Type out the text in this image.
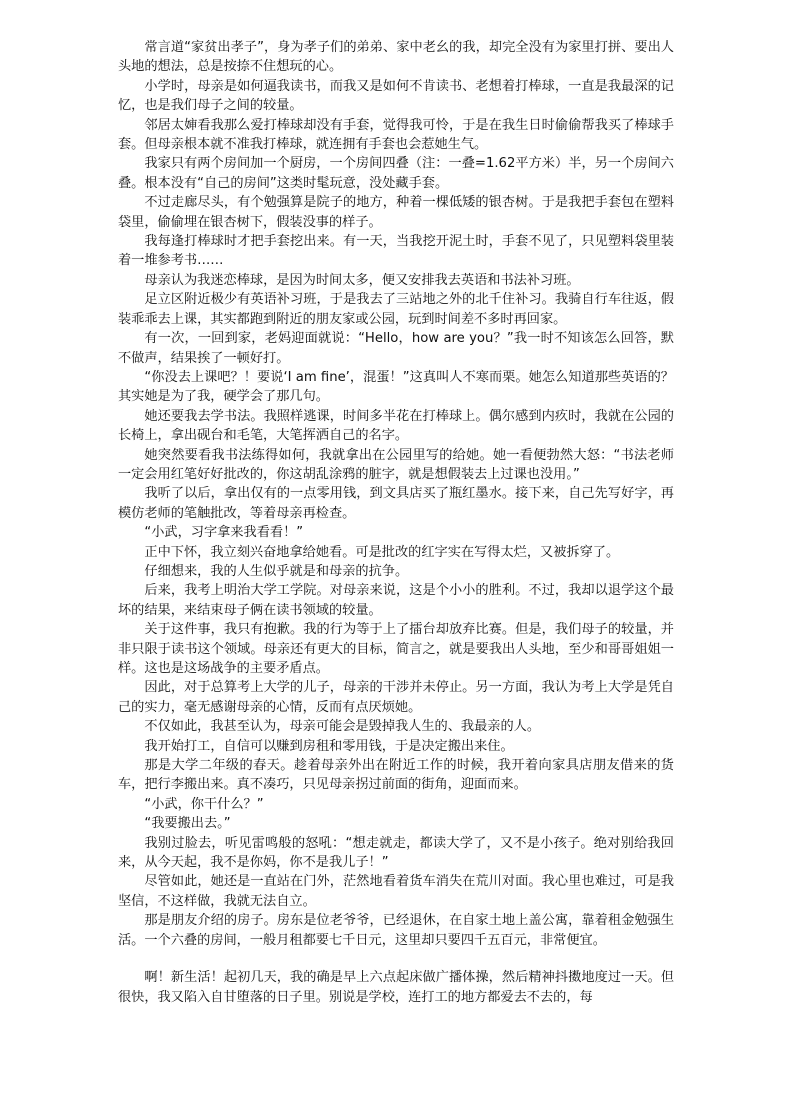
常言道“家贫出孝子”，身为孝子们的弟弟、家中老幺的我，却完全没有为家里打拼、要出人头地的想法，总是按捺不住想玩的心。

小学时，母亲是如何逼我读书，而我又是如何不肯读书、老想着打棒球，一直是我最深的记忆，也是我们母子之间的较量。

邻居太婶看我那么爱打棒球却没有手套，觉得我可怜，于是在我生日时偷偷帮我买了棒球手套。但母亲根本就不准我打棒球，就连拥有手套也会惹她生气。

我家只有两个房间加一个厨房，一个房间四叠（注：一叠=1.62平方米）半，另一个房间六叠。根本没有“自己的房间”这类时髦玩意，没处藏手套。

不过走廊尽头，有个勉强算是院子的地方，种着一棵低矮的银杏树。于是我把手套包在塑料袋里，偷偷埋在银杏树下，假装没事的样子。

我每逢打棒球时才把手套挖出来。有一天，当我挖开泥土时，手套不见了，只见塑料袋里装着一堆参考书……

母亲认为我迷恋棒球，是因为时间太多，便又安排我去英语和书法补习班。

足立区附近极少有英语补习班，于是我去了三站地之外的北千住补习。我骑自行车往返，假装乖乖去上课，其实都跑到附近的朋友家或公园，玩到时间差不多时再回家。

有一次，一回到家，老妈迎面就说：“Hello，how are you？”我一时不知该怎么回答，默不做声，结果挨了一顿好打。

“你没去上课吧？！要说‘I am fine’，混蛋！”这真叫人不寒而栗。她怎么知道那些英语的？其实她是为了我，硬学会了那几句。

她还要我去学书法。我照样逃课，时间多半花在打棒球上。偶尔感到内疚时，我就在公园的长椅上，拿出砚台和毛笔，大笔挥洒自己的名字。

她突然要看我书法练得如何，我就拿出在公园里写的给她。她一看便勃然大怒：“书法老师一定会用红笔好好批改的，你这胡乱涂鸦的脏字，就是想假装去上过课也没用。”

我听了以后，拿出仅有的一点零用钱，到文具店买了瓶红墨水。接下来，自己先写好字，再模仿老师的笔触批改，等着母亲再检查。

“小武，习字拿来我看看！”

正中下怀，我立刻兴奋地拿给她看。可是批改的红字实在写得太烂，又被拆穿了。

仔细想来，我的人生似乎就是和母亲的抗争。

后来，我考上明治大学工学院。对母亲来说，这是个小小的胜利。不过，我却以退学这个最坏的结果，来结束母子俩在读书领域的较量。

关于这件事，我只有抱歉。我的行为等于上了擂台却放弃比赛。但是，我们母子的较量，并非只限于读书这个领域。母亲还有更大的目标，简言之，就是要我出人头地，至少和哥哥姐姐一样。这也是这场战争的主要矛盾点。

因此，对于总算考上大学的儿子，母亲的干涉并未停止。另一方面，我认为考上大学是凭自己的实力，毫无感谢母亲的心情，反而有点厌烦她。

不仅如此，我甚至认为，母亲可能会是毁掉我人生的、我最亲的人。

我开始打工，自信可以赚到房租和零用钱，于是决定搬出来住。

那是大学二年级的春天。趁着母亲外出在附近工作的时候，我开着向家具店朋友借来的货车，把行李搬出来。真不凑巧，只见母亲拐过前面的街角，迎面而来。

“小武，你干什么？”

“我要搬出去。”

我别过脸去，听见雷鸣般的怒吼：“想走就走，都读大学了，又不是小孩子。绝对别给我回来，从今天起，我不是你妈，你不是我儿子！”

尽管如此，她还是一直站在门外，茫然地看着货车消失在荒川对面。我心里也难过，可是我坚信，不这样做，我就无法自立。

那是朋友介绍的房子。房东是位老爷爷，已经退休，在自家土地上盖公寓，靠着租金勉强生活。一个六叠的房间，一般月租都要七千日元，这里却只要四千五百元，非常便宜。

啊！新生活！起初几天，我的确是早上六点起床做广播体操，然后精神抖擞地度过一天。但很快，我又陷入自甘堕落的日子里。别说是学校，连打工的地方都爱去不去的，每
